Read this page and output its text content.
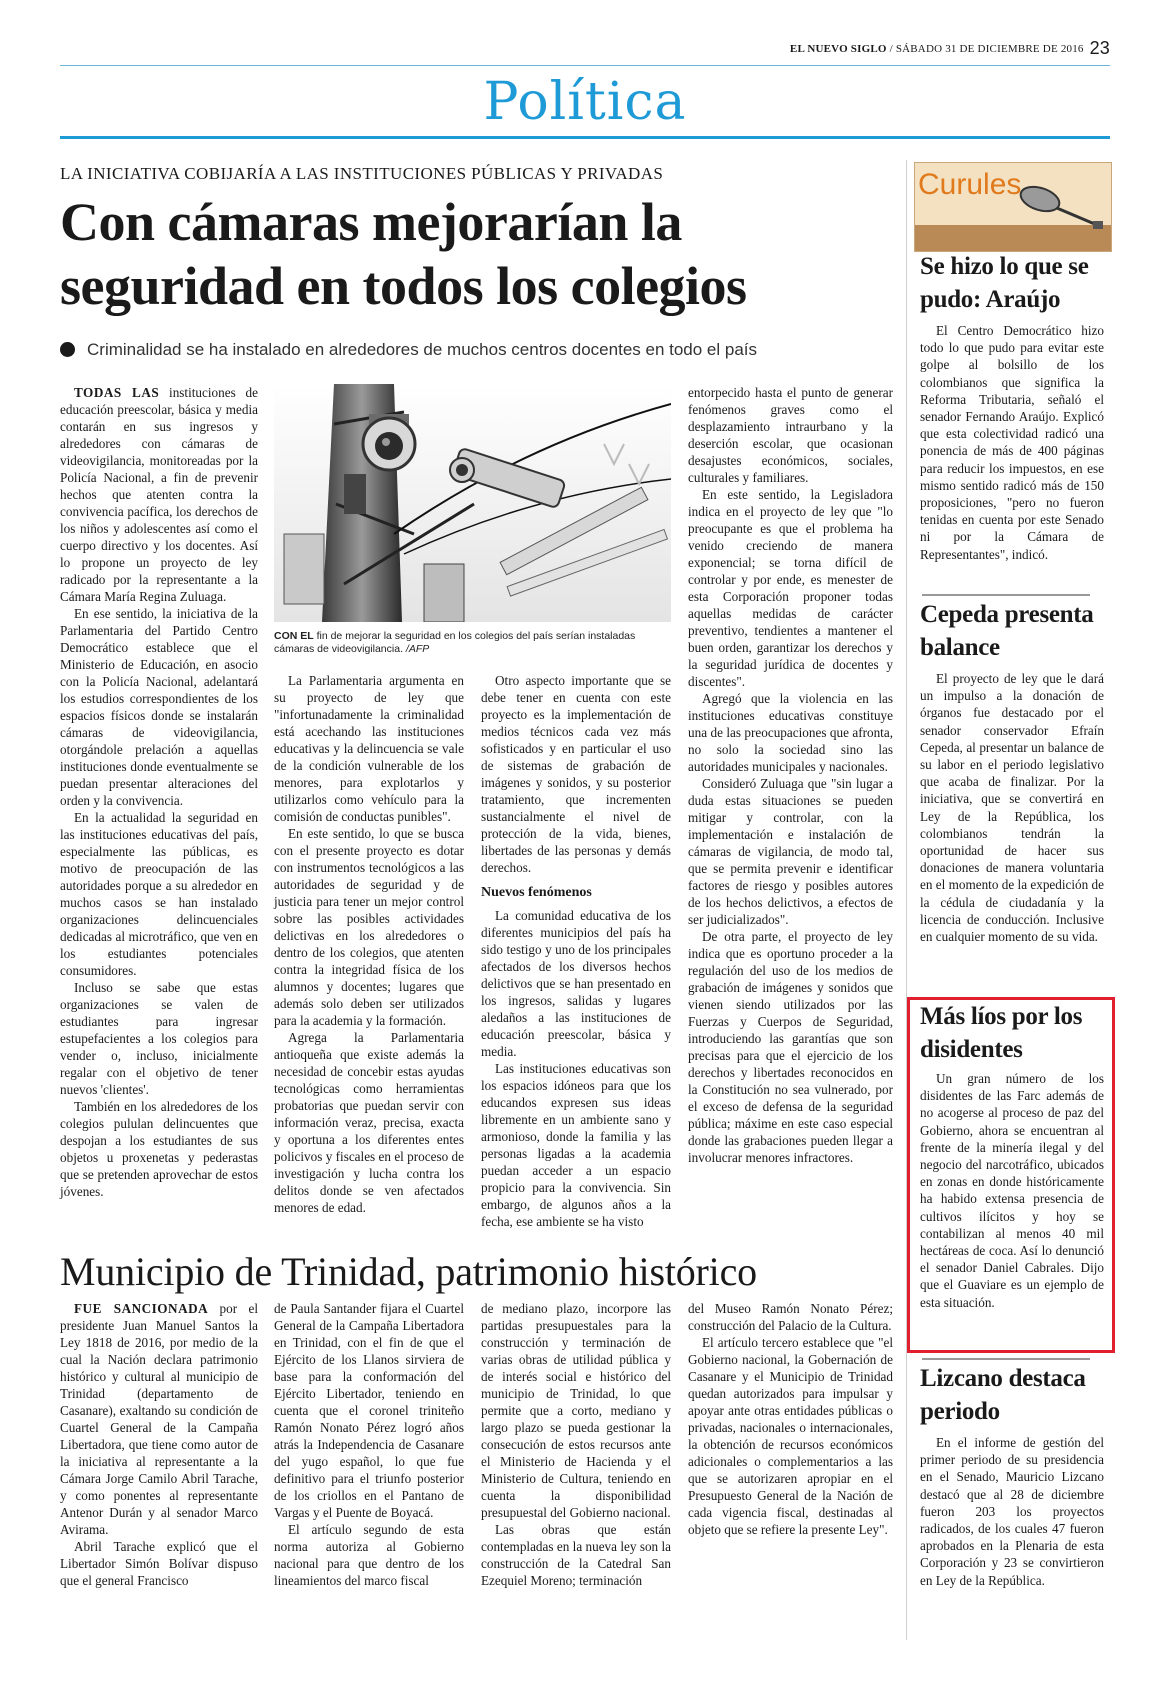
EL NUEVO SIGLO / SÁBADO 31 DE DICIEMBRE DE 2016 23
Política
LA INICIATIVA COBIJARÍA A LAS INSTITUCIONES PÚBLICAS Y PRIVADAS
Con cámaras mejorarían la seguridad en todos los colegios
Criminalidad se ha instalado en alrededores de muchos centros docentes en todo el país

TODAS LAS instituciones de educación preescolar, básica y media contarán en sus ingresos y alrededores con cámaras de videovigilancia, monitoreadas por la Policía Nacional, a fin de prevenir hechos que atenten contra la convivencia pacífica, los derechos de los niños y adolescentes así como el cuerpo directivo y los docentes. Así lo propone un proyecto de ley radicado por la representante a la Cámara María Regina Zuluaga.

En ese sentido, la iniciativa de la Parlamentaria del Partido Centro Democrático establece que el Ministerio de Educación, en asocio con la Policía Nacional, adelantará los estudios correspondientes de los espacios físicos donde se instalarán cámaras de videovigilancia, otorgándole prelación a aquellas instituciones donde eventualmente se puedan presentar alteraciones del orden y la convivencia.

En la actualidad la seguridad en las instituciones educativas del país, especialmente las públicas, es motivo de preocupación de las autoridades porque a su alrededor en muchos casos se han instalado organizaciones delincuenciales dedicadas al microtráfico, que ven en los estudiantes potenciales consumidores.

Incluso se sabe que estas organizaciones se valen de estudiantes para ingresar estupefacientes a los colegios para vender o, incluso, inicialmente regalar con el objetivo de tener nuevos 'clientes'.

También en los alrededores de los colegios pululan delincuentes que despojan a los estudiantes de sus objetos u proxenetas y pederastas que se pretenden aprovechar de estos jóvenes.

CON EL fin de mejorar la seguridad en los colegios del país serían instaladas cámaras de videovigilancia. /AFP

La Parlamentaria argumenta en su proyecto de ley que "infortunadamente la criminalidad está acechando las instituciones educativas y la delincuencia se vale de la condición vulnerable de los menores, para explotarlos y utilizarlos como vehículo para la comisión de conductas punibles".

En este sentido, lo que se busca con el presente proyecto es dotar con instrumentos tecnológicos a las autoridades de seguridad y de justicia para tener un mejor control sobre las posibles actividades delictivas en los alrededores o dentro de los colegios, que atenten contra la integridad física de los alumnos y docentes; lugares que además solo deben ser utilizados para la academia y la formación.

Agrega la Parlamentaria antioqueña que existe además la necesidad de concebir estas ayudas tecnológicas como herramientas probatorias que puedan servir con información veraz, precisa, exacta y oportuna a los diferentes entes policivos y fiscales en el proceso de investigación y lucha contra los delitos donde se ven afectados menores de edad.

Otro aspecto importante que se debe tener en cuenta con este proyecto es la implementación de medios técnicos cada vez más sofisticados y en particular el uso de sistemas de grabación de imágenes y sonidos, y su posterior tratamiento, que incrementen sustancialmente el nivel de protección de la vida, bienes, libertades de las personas y demás derechos.

Nuevos fenómenos

La comunidad educativa de los diferentes municipios del país ha sido testigo y uno de los principales afectados de los diversos hechos delictivos que se han presentado en los ingresos, salidas y lugares aledaños a las instituciones de educación preescolar, básica y media.

Las instituciones educativas son los espacios idóneos para que los educandos expresen sus ideas libremente en un ambiente sano y armonioso, donde la familia y las personas ligadas a la academia puedan acceder a un espacio propicio para la convivencia. Sin embargo, de algunos años a la fecha, ese ambiente se ha visto

entorpecido hasta el punto de generar fenómenos graves como el desplazamiento intraurbano y la deserción escolar, que ocasionan desajustes económicos, sociales, culturales y familiares.

En este sentido, la Legisladora indica en el proyecto de ley que "lo preocupante es que el problema ha venido creciendo de manera exponencial; se torna difícil de controlar y por ende, es menester de esta Corporación proponer todas aquellas medidas de carácter preventivo, tendientes a mantener el buen orden, garantizar los derechos y la seguridad jurídica de docentes y discentes".

Agregó que la violencia en las instituciones educativas constituye una de las preocupaciones que afronta, no solo la sociedad sino las autoridades municipales y nacionales.

Consideró Zuluaga que "sin lugar a duda estas situaciones se pueden mitigar y controlar, con la implementación e instalación de cámaras de vigilancia, de modo tal, que se permita prevenir e identificar factores de riesgo y posibles autores de los hechos delictivos, a efectos de ser judicializados".

De otra parte, el proyecto de ley indica que es oportuno proceder a la regulación del uso de los medios de grabación de imágenes y sonidos que vienen siendo utilizados por las Fuerzas y Cuerpos de Seguridad, introduciendo las garantías que son precisas para que el ejercicio de los derechos y libertades reconocidos en la Constitución no sea vulnerado, por el exceso de defensa de la seguridad pública; máxime en este caso especial donde las grabaciones pueden llegar a involucrar menores infractores.

Municipio de Trinidad, patrimonio histórico

FUE SANCIONADA por el presidente Juan Manuel Santos la Ley 1818 de 2016, por medio de la cual la Nación declara patrimonio histórico y cultural al municipio de Trinidad (departamento de Casanare), exaltando su condición de Cuartel General de la Campaña Libertadora, que tiene como autor de la iniciativa al representante a la Cámara Jorge Camilo Abril Tarache, y como ponentes al representante Antenor Durán y al senador Marco Avirama.

Abril Tarache explicó que el Libertador Simón Bolívar dispuso que el general Francisco

de Paula Santander fijara el Cuartel General de la Campaña Libertadora en Trinidad, con el fin de que el Ejército de los Llanos sirviera de base para la conformación del Ejército Libertador, teniendo en cuenta que el coronel triniteño Ramón Nonato Pérez logró años atrás la Independencia de Casanare del yugo español, lo que fue definitivo para el triunfo posterior de los criollos en el Pantano de Vargas y el Puente de Boyacá.

El artículo segundo de esta norma autoriza al Gobierno nacional para que dentro de los lineamientos del marco fiscal

de mediano plazo, incorpore las partidas presupuestales para la construcción y terminación de varias obras de utilidad pública y de interés social e histórico del municipio de Trinidad, lo que permite que a corto, mediano y largo plazo se pueda gestionar la consecución de estos recursos ante el Ministerio de Hacienda y el Ministerio de Cultura, teniendo en cuenta la disponibilidad presupuestal del Gobierno nacional.

Las obras que están contempladas en la nueva ley son la construcción de la Catedral San Ezequiel Moreno; terminación

del Museo Ramón Nonato Pérez; construcción del Palacio de la Cultura.

El artículo tercero establece que "el Gobierno nacional, la Gobernación de Casanare y el Municipio de Trinidad quedan autorizados para impulsar y apoyar ante otras entidades públicas o privadas, nacionales o internacionales, la obtención de recursos económicos adicionales o complementarios a las que se autorizaren apropiar en el Presupuesto General de la Nación de cada vigencia fiscal, destinadas al objeto que se refiere la presente Ley".

Curules
Se hizo lo que se pudo: Araújo

El Centro Democrático hizo todo lo que pudo para evitar este golpe al bolsillo de los colombianos que significa la Reforma Tributaria, señaló el senador Fernando Araújo. Explicó que esta colectividad radicó una ponencia de más de 400 páginas para reducir los impuestos, en ese mismo sentido radicó más de 150 proposiciones, "pero no fueron tenidas en cuenta por este Senado ni por la Cámara de Representantes", indicó.

Cepeda presenta balance

El proyecto de ley que le dará un impulso a la donación de órganos fue destacado por el senador conservador Efraín Cepeda, al presentar un balance de su labor en el periodo legislativo que acaba de finalizar. Por la iniciativa, que se convertirá en Ley de la República, los colombianos tendrán la oportunidad de hacer sus donaciones de manera voluntaria en el momento de la expedición de la cédula de ciudadanía y la licencia de conducción. Inclusive en cualquier momento de su vida.

Más líos por los disidentes

Un gran número de los disidentes de las Farc además de no acogerse al proceso de paz del Gobierno, ahora se encuentran al frente de la minería ilegal y del negocio del narcotráfico, ubicados en zonas en donde históricamente ha habido extensa presencia de cultivos ilícitos y hoy se contabilizan al menos 40 mil hectáreas de coca. Así lo denunció el senador Daniel Cabrales. Dijo que el Guaviare es un ejemplo de esta situación.

Lizcano destaca periodo

En el informe de gestión del primer periodo de su presidencia en el Senado, Mauricio Lizcano destacó que al 28 de diciembre fueron 203 los proyectos radicados, de los cuales 47 fueron aprobados en la Plenaria de esta Corporación y 23 se convirtieron en Ley de la República.
